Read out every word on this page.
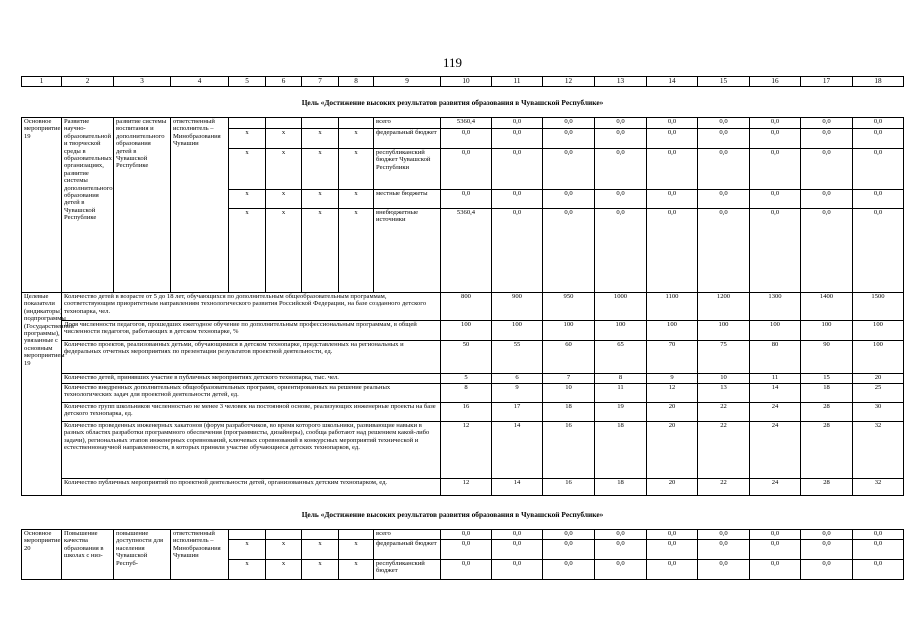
119
1	2	3	4	5	6	7	8	9	10	11	12	13	14	15	16	17	18
Цель «Достижение высоких результатов развития образования в Чувашской Республике»
Основное мероприятие 19	Развитие научно-образовательной и творческой среды в образовательных организациях, развитие системы дополнительного образования детей в Чувашской Республике	развитие системы воспитания и дополнительного образования детей в Чувашской Республике	ответственный исполнитель – Минобразования Чувашии					всего	5360,4	0,0	0,0	0,0	0,0	0,0	0,0	0,0	0,0
				x	x	x	x	федеральный бюджет	0,0	0,0	0,0	0,0	0,0	0,0	0,0	0,0	0,0
				x	x	x	x	республиканский бюджет Чувашской Республики	0,0	0,0	0,0	0,0	0,0	0,0	0,0	0,0	0,0
				x	x	x	x	местные бюджеты	0,0	0,0	0,0	0,0	0,0	0,0	0,0	0,0	0,0
				x	x	x	x	внебюджетные источники	5360,4	0,0	0,0	0,0	0,0	0,0	0,0	0,0	0,0
Целевые показатели (индикаторы) подпрограммы (Государственной программы), увязанные с основным мероприятием 19	Количество детей в возрасте от 5 до 18 лет, обучающихся по дополнительным общеобразовательным программам, соответствующим приоритетным направлениям технологического развития Российской Федерации, на базе созданного детского технопарка, чел.								800	900	950	1000	1100	1200	1300	1400	1500
	Доля численности педагогов, прошедших ежегодное обучение по дополнительным профессиональным программам, в общей численности педагогов, работающих в детском технопарке, %								100	100	100	100	100	100	100	100	100
	Количество проектов, реализованных детьми, обучающимися в детском технопарке, представленных на региональных и федеральных отчетных мероприятиях по презентации результатов проектной деятельности, ед.								50	55	60	65	70	75	80	90	100
	Количество детей, принявших участие в публичных мероприятиях детского технопарка, тыс. чел.								5	6	7	8	9	10	11	15	20
	Количество внедренных дополнительных общеобразовательных программ, ориентированных на решение реальных технологических задач для проектной деятельности детей, ед.								8	9	10	11	12	13	14	18	25
	Количество групп школьников численностью не менее 3 человек на постоянной основе, реализующих инженерные проекты на базе детского технопарка, ед.								16	17	18	19	20	22	24	28	30
	Количество проведенных инженерных хакатонов (форум разработчиков, во время которого школьники, развивающие навыки в разных областях разработки программного обеспечения (программисты, дизайнеры), сообща работают над решением какой-либо задачи), региональных этапов инженерных соревнований, ключевых соревнований в конкурсных мероприятий технической и естественнонаучной направленности, в которых приняли участие обучающиеся детских технопарков, ед.								12	14	16	18	20	22	24	28	32
	Количество публичных мероприятий по проектной деятельности детей, организованных детским технопарком, ед.								12	14	16	18	20	22	24	28	32
Цель «Достижение высоких результатов развития образования в Чувашской Республике»
Основное мероприятие 20	Повышение качества образования в школах с низ-	повышение доступности для населения Чувашской Респуб-	ответственный исполнитель – Минобразования Чувашии					всего	0,0	0,0	0,0	0,0	0,0	0,0	0,0	0,0	0,0
				x	x	x	x	федеральный бюджет	0,0	0,0	0,0	0,0	0,0	0,0	0,0	0,0	0,0
				x	x	x	x	республиканский бюджет	0,0	0,0	0,0	0,0	0,0	0,0	0,0	0,0	0,0
